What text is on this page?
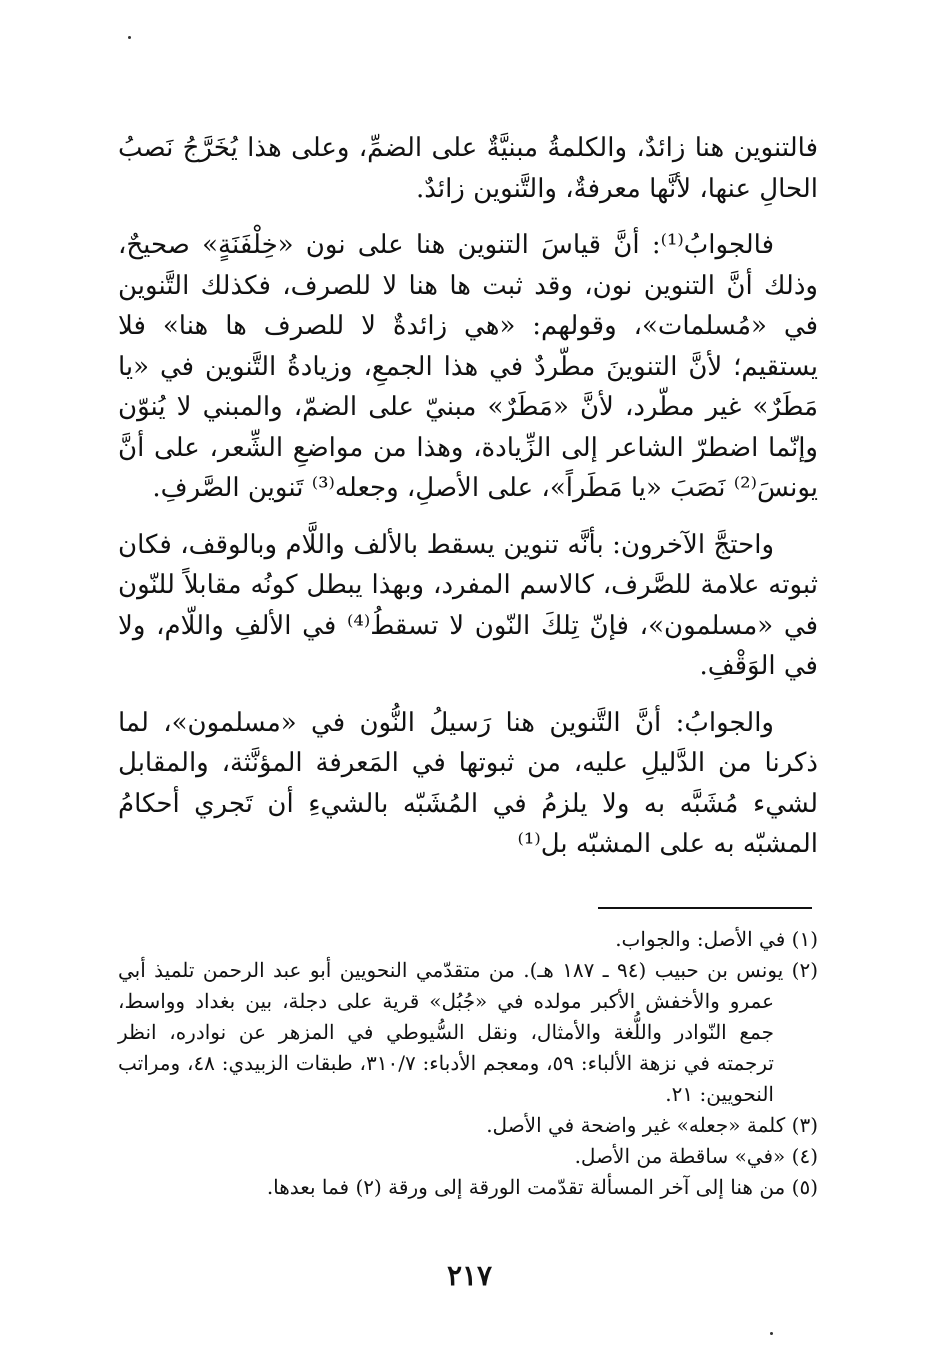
فالتنوين هنا زائدٌ، والكلمةُ مبنيَّةٌ على الضمِّ، وعلى هذا يُخَرَّجُ نَصبُ الحالِ عنها، لأنَّها معرفةٌ، والتَّنوين زائدٌ.

فالجوابُ⁽¹⁾: أنَّ قياسَ التنوين هنا على نون «خِلْفَنَةٍ» صحيحٌ، وذلك أنَّ التنوين نون، وقد ثبت ها هنا لا للصرف، فكذلك التَّنوين في «مُسلمات»، وقولهم: «هي زائدةٌ لا للصرف ها هنا» فلا يستقيم؛ لأنَّ التنوينَ مطّردٌ في هذا الجمعِ، وزيادةُ التَّنوين في «يا مَطَرٌ» غير مطّرد، لأنَّ «مَطَرٌ» مبنيّ على الضمّ، والمبني لا يُنوّن وإنّما اضطرّ الشاعر إلى الزِّيادة، وهذا من مواضعِ الشِّعر، على أنَّ يونسَ⁽²⁾ نَصَبَ «يا مَطَراً»، على الأصلِ، وجعله⁽³⁾ تَنوين الصَّرفِ.

واحتجَّ الآخرون: بأنَّه تنوين يسقط بالألف واللَّام وبالوقف، فكان ثبوته علامة للصَّرف، كالاسم المفرد، وبهذا يبطل كونُه مقابلاً للنّون في «مسلمون»، فإنّ تِلكَ النّون لا تسقطُ⁽⁴⁾ في الألفِ واللّام، ولا في الوَقْفِ.

والجوابُ: أنَّ التَّنوين هنا رَسيلُ النُّون في «مسلمون»، لما ذكرنا من الدَّليلِ عليه، من ثبوتها في المَعرفة المؤنَّثة، والمقابل لشيء مُشَبَّه به ولا يلزمُ في المُشَبّه بالشيءِ أن تَجري أحكامُ المشبّه به على المشبّه بل⁽¹⁾

(١) في الأصل: والجواب.

(٢) يونس بن حبيب (٩٤ ـ ١٨٧ هـ). من متقدّمي النحويين أبو عبد الرحمن تلميذ أبي عمرو والأخفش الأكبر مولده في «جُبُل» قرية على دجلة، بين بغداد وواسط، جمع النّوادر واللُّغة والأمثال، ونقل السُّيوطي في المزهر عن نوادره، انظر ترجمته في نزهة الألباء: ٥٩، ومعجم الأدباء: ٣١٠/٧، طبقات الزبيدي: ٤٨، ومراتب النحويين: ٢١.

(٣) كلمة «جعله» غير واضحة في الأصل.

(٤) «في» ساقطة من الأصل.

(٥) من هنا إلى آخر المسألة تقدّمت الورقة إلى ورقة (٢) فما بعدها.

٢١٧
